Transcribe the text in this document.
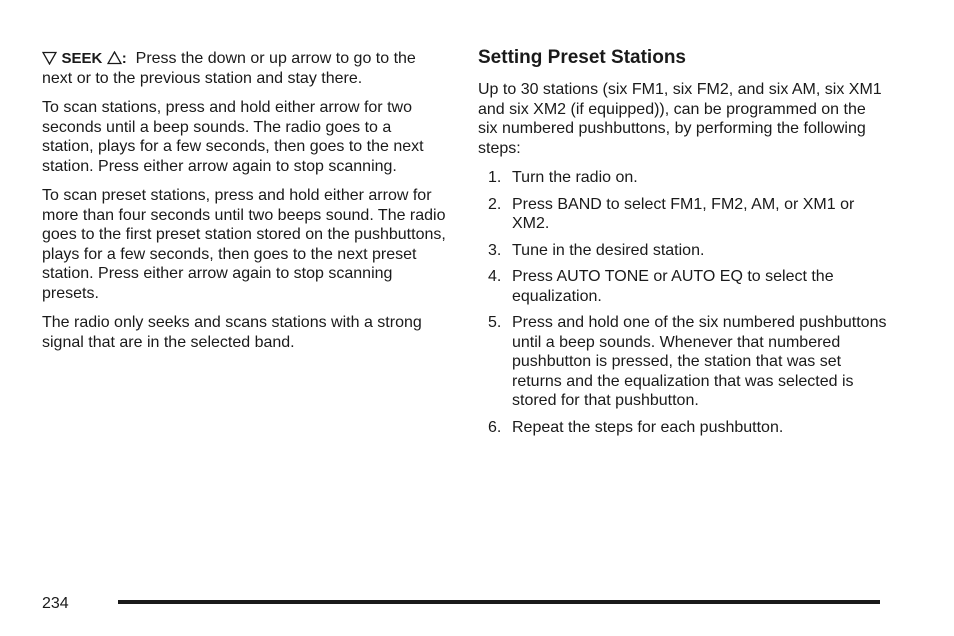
SEEK : Press the down or up arrow to go to the next or to the previous station and stay there.

To scan stations, press and hold either arrow for two seconds until a beep sounds. The radio goes to a station, plays for a few seconds, then goes to the next station. Press either arrow again to stop scanning.

To scan preset stations, press and hold either arrow for more than four seconds until two beeps sound. The radio goes to the first preset station stored on the pushbuttons, plays for a few seconds, then goes to the next preset station. Press either arrow again to stop scanning presets.

The radio only seeks and scans stations with a strong signal that are in the selected band.

Setting Preset Stations

Up to 30 stations (six FM1, six FM2, and six AM, six XM1 and six XM2 (if equipped)), can be programmed on the six numbered pushbuttons, by performing the following steps:

1. Turn the radio on.
2. Press BAND to select FM1, FM2, AM, or XM1 or XM2.
3. Tune in the desired station.
4. Press AUTO TONE or AUTO EQ to select the equalization.
5. Press and hold one of the six numbered pushbuttons until a beep sounds. Whenever that numbered pushbutton is pressed, the station that was set returns and the equalization that was selected is stored for that pushbutton.
6. Repeat the steps for each pushbutton.
234
